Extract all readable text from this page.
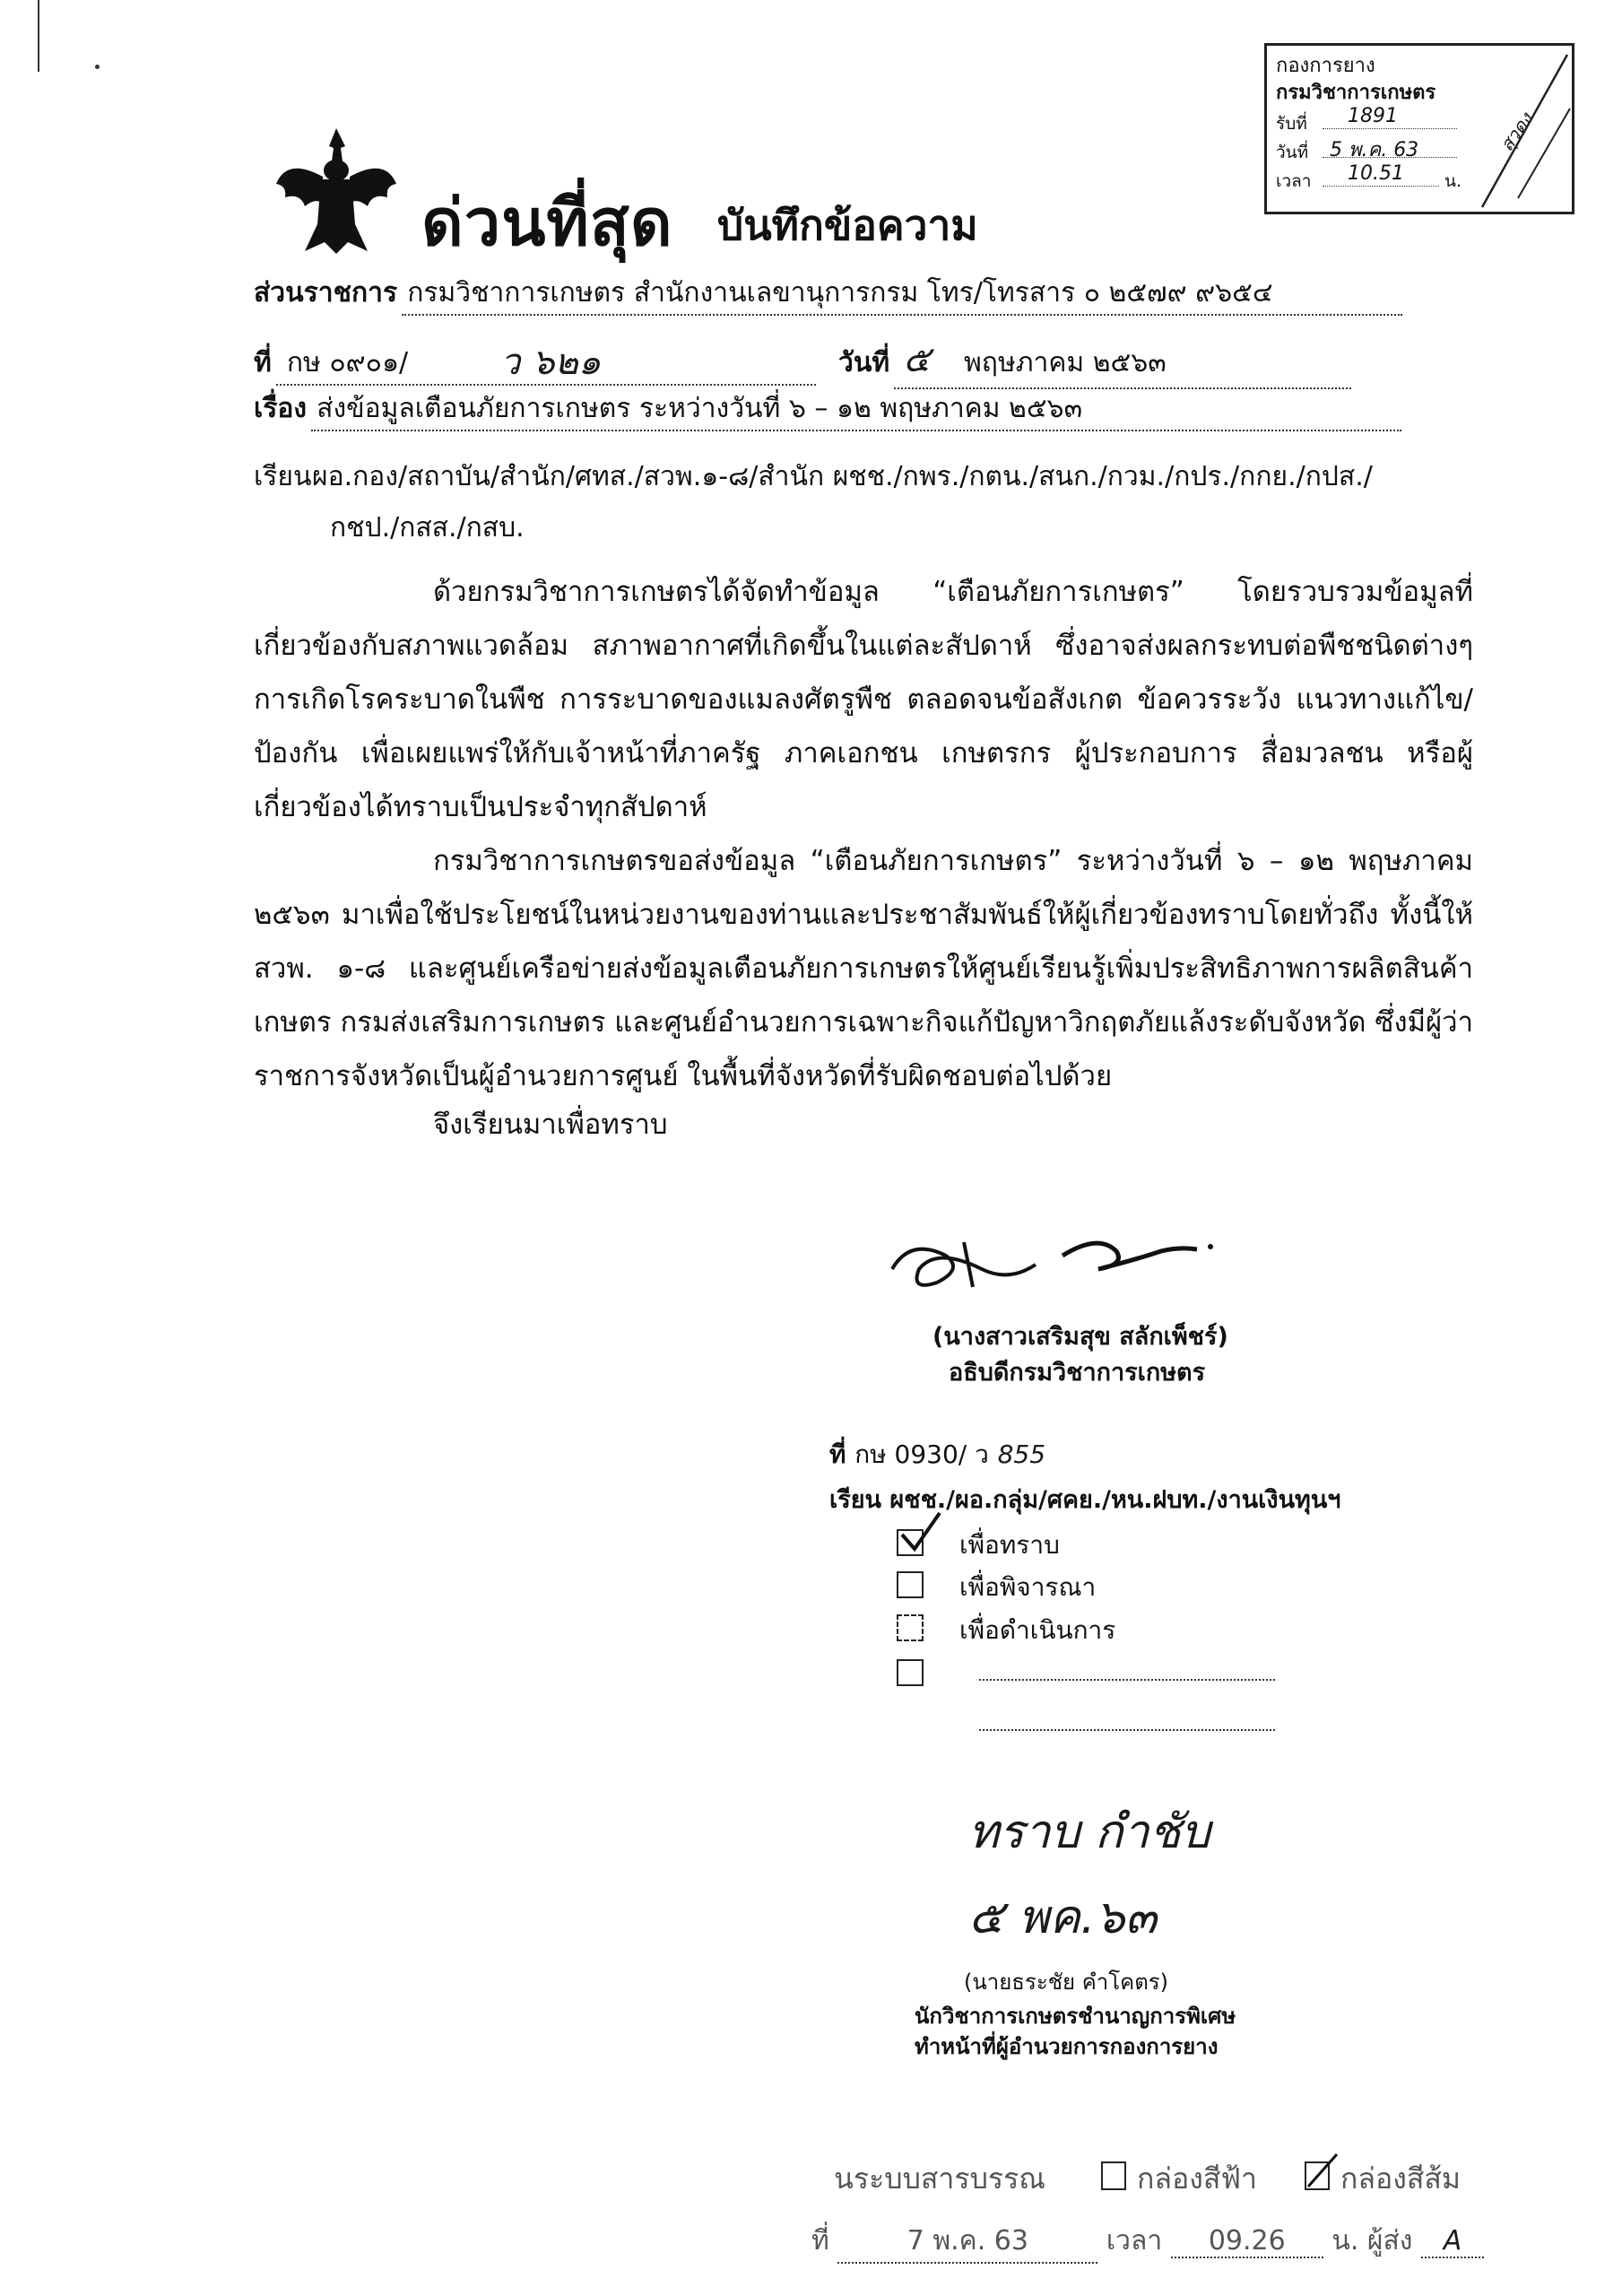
กองการยาง
กรมวิชาการเกษตร
รับที่ 1891
วันที่ 5 พ.ค. 63
เวลา 10.51 น.
สุวดง
ด่วนที่สุด บันทึกข้อความ
ส่วนราชการ กรมวิชาการเกษตร สำนักงานเลขานุการกรม โทร/โทรสาร ๐ ๒๕๗๙ ๙๖๕๔
ที่ กษ ๐๙๐๑/	ว ๖๒๑	วันที่ ๕ พฤษภาคม ๒๕๖๓
เรื่อง ส่งข้อมูลเตือนภัยการเกษตร ระหว่างวันที่ ๖ – ๑๒ พฤษภาคม ๒๕๖๓
เรียนผอ.กอง/สถาบัน/สำนัก/ศทส./สวพ.๑-๘/สำนัก ผชช./กพร./กตน./สนก./กวม./กปร./กกย./กปส./
กชป./กสส./กสบ.
ด้วยกรมวิชาการเกษตรได้จัดทำข้อมูล “เตือนภัยการเกษตร” โดยรวบรวมข้อมูลที่เกี่ยวข้องกับสภาพแวดล้อม สภาพอากาศที่เกิดขึ้นในแต่ละสัปดาห์ ซึ่งอาจส่งผลกระทบต่อพืชชนิดต่างๆ การเกิดโรคระบาดในพืช การระบาดของแมลงศัตรูพืช ตลอดจนข้อสังเกต ข้อควรระวัง แนวทางแก้ไข/ป้องกัน เพื่อเผยแพร่ให้กับเจ้าหน้าที่ภาครัฐ ภาคเอกชน เกษตรกร ผู้ประกอบการ สื่อมวลชน หรือผู้เกี่ยวข้องได้ทราบเป็นประจำทุกสัปดาห์
กรมวิชาการเกษตรขอส่งข้อมูล “เตือนภัยการเกษตร” ระหว่างวันที่ ๖ – ๑๒ พฤษภาคม ๒๕๖๓ มาเพื่อใช้ประโยชน์ในหน่วยงานของท่านและประชาสัมพันธ์ให้ผู้เกี่ยวข้องทราบโดยทั่วถึง ทั้งนี้ให้ สวพ. ๑-๘ และศูนย์เครือข่ายส่งข้อมูลเตือนภัยการเกษตรให้ศูนย์เรียนรู้เพิ่มประสิทธิภาพการผลิตสินค้าเกษตร กรมส่งเสริมการเกษตร และศูนย์อำนวยการเฉพาะกิจแก้ปัญหาวิกฤตภัยแล้งระดับจังหวัด ซึ่งมีผู้ว่าราชการจังหวัดเป็นผู้อำนวยการศูนย์ ในพื้นที่จังหวัดที่รับผิดชอบต่อไปด้วย
จึงเรียนมาเพื่อทราบ
(นางสาวเสริมสุข สลักเพ็ชร์)
อธิบดีกรมวิชาการเกษตร
ที่ กษ 0930/ ว 855
เรียน ผชช./ผอ.กลุ่ม/ศคย./หน.ฝบท./งานเงินทุนฯ
เพื่อทราบ
เพื่อพิจารณา
เพื่อดำเนินการ
ทราบ กำชับ
๕ พค.๖๓
(นายธระชัย คำโคตร)
นักวิชาการเกษตรชำนาญการพิเศษ
ทำหน้าที่ผู้อำนวยการกองการยาง
นระบบสารบรรณ	กล่องสีฟ้า	กล่องสีส้ม
ที่	7 พ.ค. 63	เวลา 09.26 น. ผู้ส่ง A
